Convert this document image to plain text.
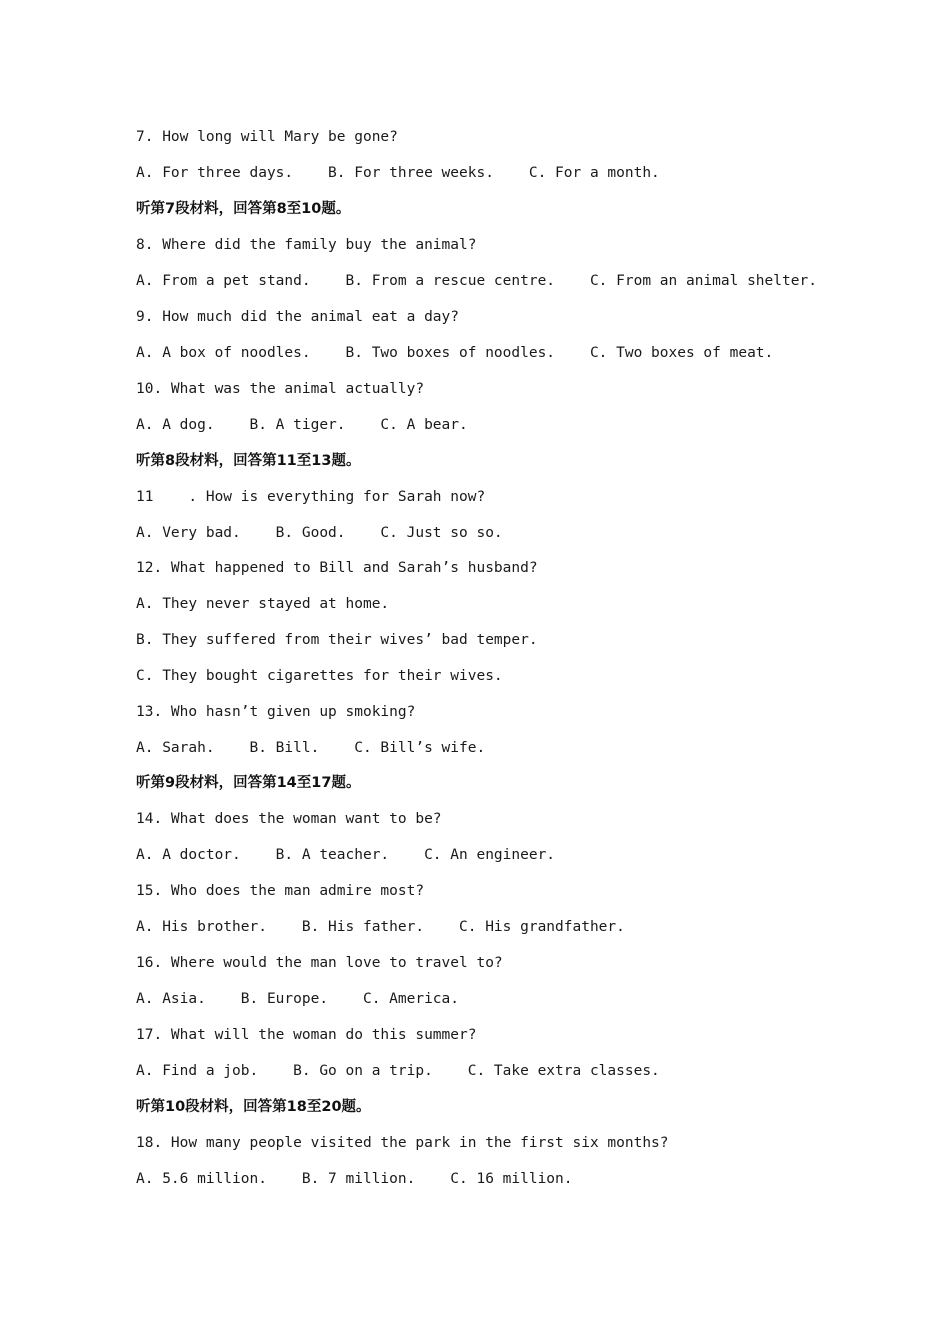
7. How long will Mary be gone?
A. For three days.    B. For three weeks.    C. For a month.
听第7段材料，回答第8至10题。
8. Where did the family buy the animal?
A. From a pet stand.    B. From a rescue centre.    C. From an animal shelter.
9. How much did the animal eat a day?
A. A box of noodles.    B. Two boxes of noodles.    C. Two boxes of meat.
10. What was the animal actually?
A. A dog.    B. A tiger.    C. A bear.
听第8段材料，回答第11至13题。
11    . How is everything for Sarah now?
A. Very bad.    B. Good.    C. Just so so.
12. What happened to Bill and Sarah’s husband?
A. They never stayed at home.
B. They suffered from their wives’ bad temper.
C. They bought cigarettes for their wives.
13. Who hasn’t given up smoking?
A. Sarah.    B. Bill.    C. Bill’s wife.
听第9段材料，回答第14至17题。
14. What does the woman want to be?
A. A doctor.    B. A teacher.    C. An engineer.
15. Who does the man admire most?
A. His brother.    B. His father.    C. His grandfather.
16. Where would the man love to travel to?
A. Asia.    B. Europe.    C. America.
17. What will the woman do this summer?
A. Find a job.    B. Go on a trip.    C. Take extra classes.
听第10段材料，回答第18至20题。
18. How many people visited the park in the first six months?
A. 5.6 million.    B. 7 million.    C. 16 million.
